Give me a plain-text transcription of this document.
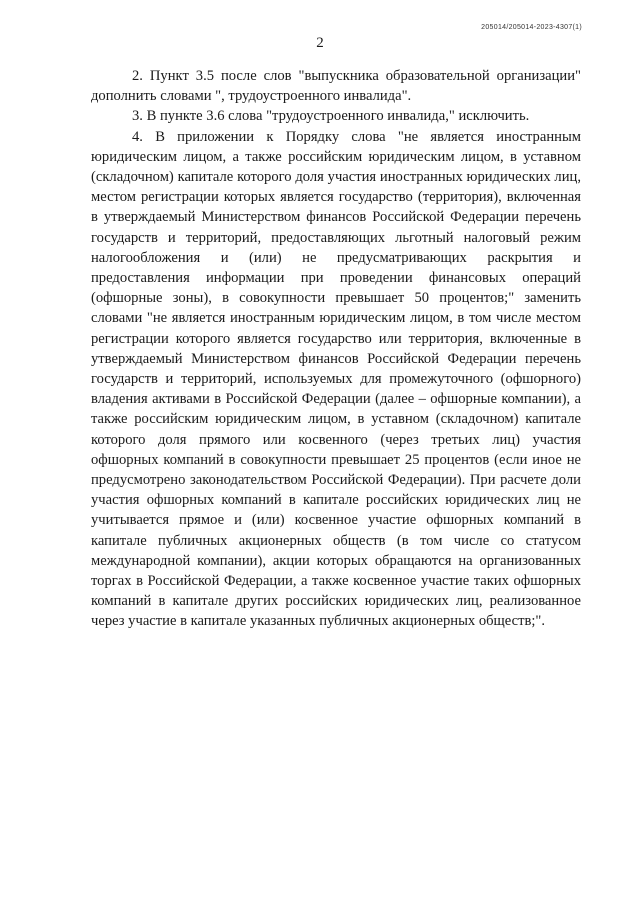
205014/205014-2023-4307(1)
2

2. Пункт 3.5 после слов "выпускника образовательной организации" дополнить словами ", трудоустроенного инвалида".

3. В пункте 3.6 слова "трудоустроенного инвалида," исключить.

4. В приложении к Порядку слова "не является иностранным юридическим лицом, а также российским юридическим лицом, в уставном (складочном) капитале которого доля участия иностранных юридических лиц, местом регистрации которых является государство (территория), включенная в утверждаемый Министерством финансов Российской Федерации перечень государств и территорий, предоставляющих льготный налоговый режим налогообложения и (или) не предусматривающих раскрытия и предоставления информации при проведении финансовых операций (офшорные зоны), в совокупности превышает 50 процентов;" заменить словами "не является иностранным юридическим лицом, в том числе местом регистрации которого является государство или территория, включенные в утверждаемый Министерством финансов Российской Федерации перечень государств и территорий, используемых для промежуточного (офшорного) владения активами в Российской Федерации (далее – офшорные компании), а также российским юридическим лицом, в уставном (складочном) капитале которого доля прямого или косвенного (через третьих лиц) участия офшорных компаний в совокупности превышает 25 процентов (если иное не предусмотрено законодательством Российской Федерации). При расчете доли участия офшорных компаний в капитале российских юридических лиц не учитывается прямое и (или) косвенное участие офшорных компаний в капитале публичных акционерных обществ (в том числе со статусом международной компании), акции которых обращаются на организованных торгах в Российской Федерации, а также косвенное участие таких офшорных компаний в капитале других российских юридических лиц, реализованное через участие в капитале указанных публичных акционерных обществ;".
